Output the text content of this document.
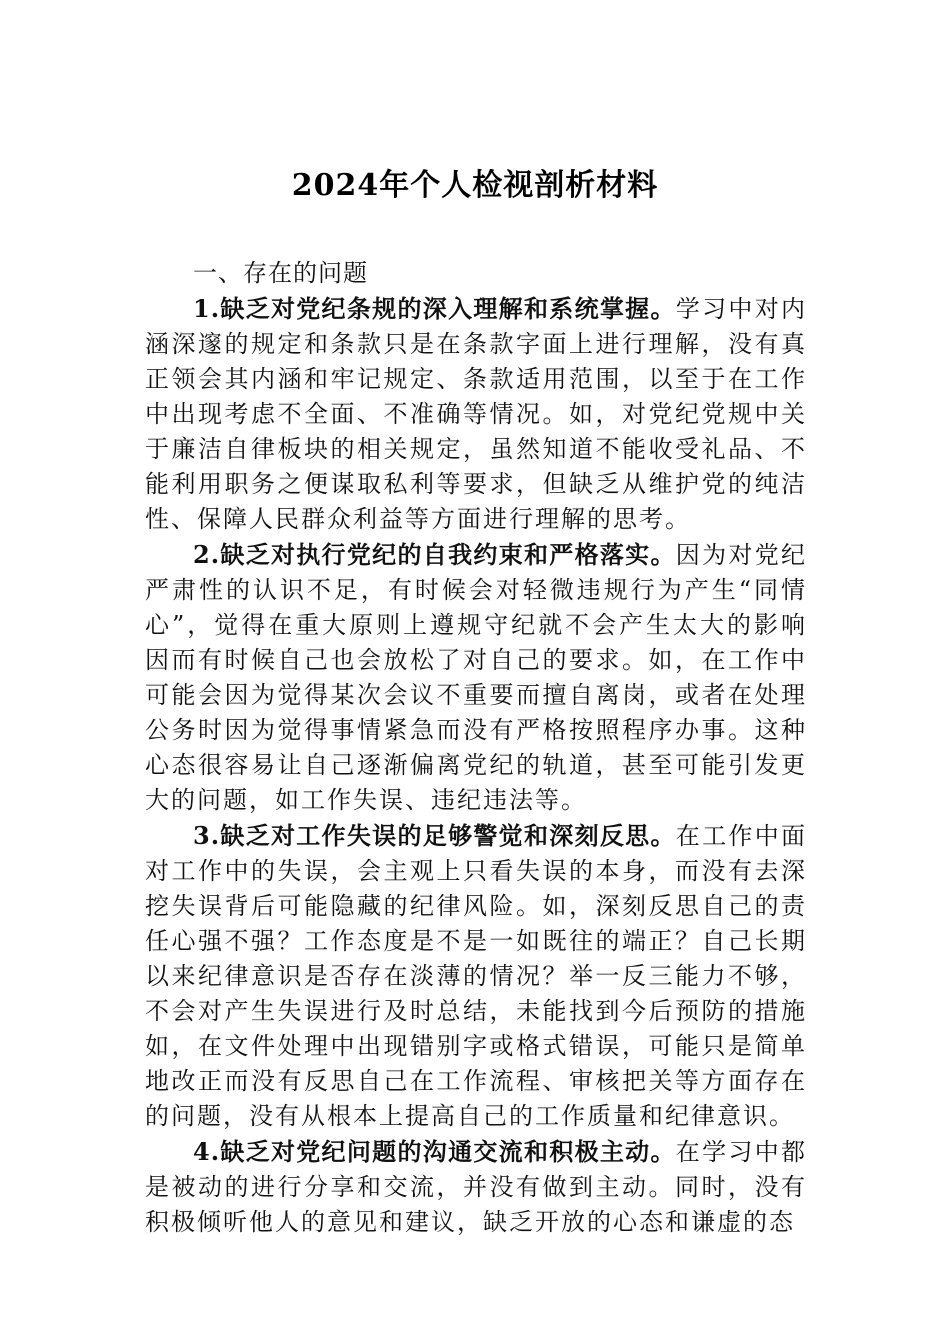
2024年个人检视剖析材料

一、存在的问题

1.缺乏对党纪条规的深入理解和系统掌握。学习中对内涵深邃的规定和条款只是在条款字面上进行理解，没有真正领会其内涵和牢记规定、条款适用范围，以至于在工作中出现考虑不全面、不准确等情况。如，对党纪党规中关于廉洁自律板块的相关规定，虽然知道不能收受礼品、不能利用职务之便谋取私利等要求，但缺乏从维护党的纯洁性、保障人民群众利益等方面进行理解的思考。

2.缺乏对执行党纪的自我约束和严格落实。因为对党纪严肃性的认识不足，有时候会对轻微违规行为产生“同情心”，觉得在重大原则上遵规守纪就不会产生太大的影响因而有时候自己也会放松了对自己的要求。如，在工作中可能会因为觉得某次会议不重要而擅自离岗，或者在处理公务时因为觉得事情紧急而没有严格按照程序办事。这种心态很容易让自己逐渐偏离党纪的轨道，甚至可能引发更大的问题，如工作失误、违纪违法等。

3.缺乏对工作失误的足够警觉和深刻反思。在工作中面对工作中的失误，会主观上只看失误的本身，而没有去深挖失误背后可能隐藏的纪律风险。如，深刻反思自己的责任心强不强？工作态度是不是一如既往的端正？自己长期以来纪律意识是否存在淡薄的情况？举一反三能力不够，不会对产生失误进行及时总结，未能找到今后预防的措施如，在文件处理中出现错别字或格式错误，可能只是简单地改正而没有反思自己在工作流程、审核把关等方面存在的问题，没有从根本上提高自己的工作质量和纪律意识。

4.缺乏对党纪问题的沟通交流和积极主动。在学习中都是被动的进行分享和交流，并没有做到主动。同时，没有积极倾听他人的意见和建议，缺乏开放的心态和谦虚的态
